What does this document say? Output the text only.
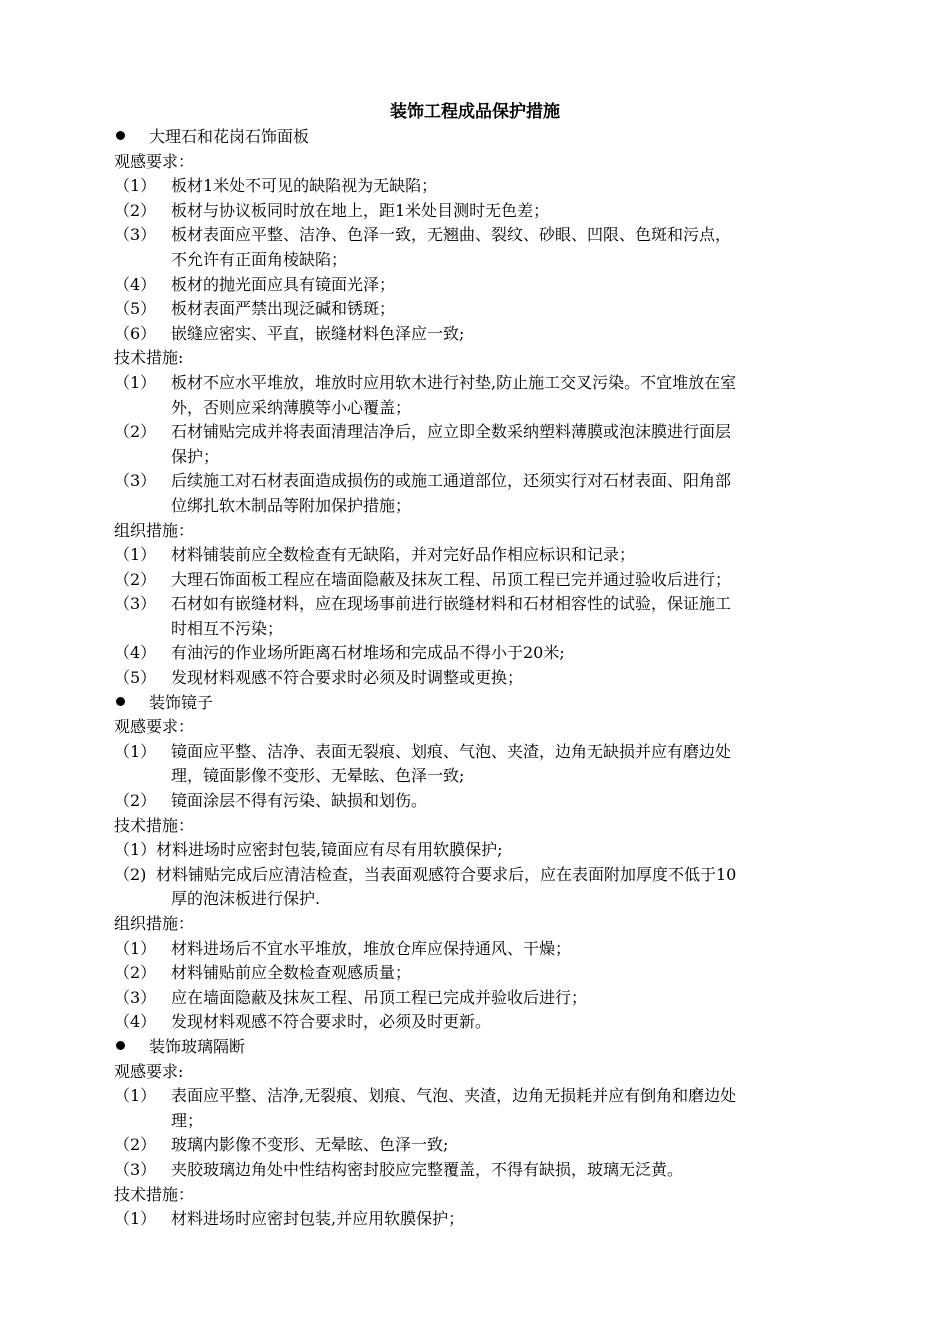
装饰工程成品保护措施
大理石和花岗石饰面板
观感要求：
（1） 板材1米处不可见的缺陷视为无缺陷；
（2） 板材与协议板同时放在地上，距1米处目测时无色差；
（3） 板材表面应平整、洁净、色泽一致，无翘曲、裂纹、砂眼、凹限、色斑和污点，
不允许有正面角棱缺陷；
（4） 板材的抛光面应具有镜面光泽；
（5） 板材表面严禁出现泛碱和锈斑；
（6） 嵌缝应密实、平直，嵌缝材料色泽应一致;
技术措施:
（1） 板材不应水平堆放，堆放时应用软木进行衬垫,防止施工交叉污染。不宜堆放在室
外，否则应采纳薄膜等小心覆盖；
（2） 石材铺贴完成并将表面清理洁净后，应立即全数采纳塑料薄膜或泡沫膜进行面层
保护；
（3） 后续施工对石材表面造成损伤的或施工通道部位，还须实行对石材表面、阳角部
位绑扎软木制品等附加保护措施；
组织措施：
（1） 材料铺装前应全数检查有无缺陷，并对完好品作相应标识和记录；
（2） 大理石饰面板工程应在墙面隐蔽及抹灰工程、吊顶工程已完并通过验收后进行；
（3） 石材如有嵌缝材料，应在现场事前进行嵌缝材料和石材相容性的试验，保证施工
时相互不污染；
（4） 有油污的作业场所距离石材堆场和完成品不得小于20米;
（5） 发现材料观感不符合要求时必须及时调整或更换；
装饰镜子
观感要求：
（1） 镜面应平整、洁净、表面无裂痕、划痕、气泡、夹渣，边角无缺损并应有磨边处
理，镜面影像不变形、无晕眩、色泽一致;
（2） 镜面涂层不得有污染、缺损和划伤。
技术措施：
（1）材料进场时应密封包装,镜面应有尽有用软膜保护;
（2) 材料铺贴完成后应清洁检查，当表面观感符合要求后，应在表面附加厚度不低于10
厚的泡沫板进行保护.
组织措施：
（1） 材料进场后不宜水平堆放，堆放仓库应保持通风、干燥；
（2） 材料铺贴前应全数检查观感质量；
（3） 应在墙面隐蔽及抹灰工程、吊顶工程已完成并验收后进行；
（4） 发现材料观感不符合要求时，必须及时更新。
装饰玻璃隔断
观感要求:
（1） 表面应平整、洁净,无裂痕、划痕、气泡、夹渣，边角无损耗并应有倒角和磨边处
理；
（2） 玻璃内影像不变形、无晕眩、色泽一致;
（3） 夹胶玻璃边角处中性结构密封胶应完整覆盖，不得有缺损，玻璃无泛黄。
技术措施：
（1） 材料进场时应密封包装,并应用软膜保护；
